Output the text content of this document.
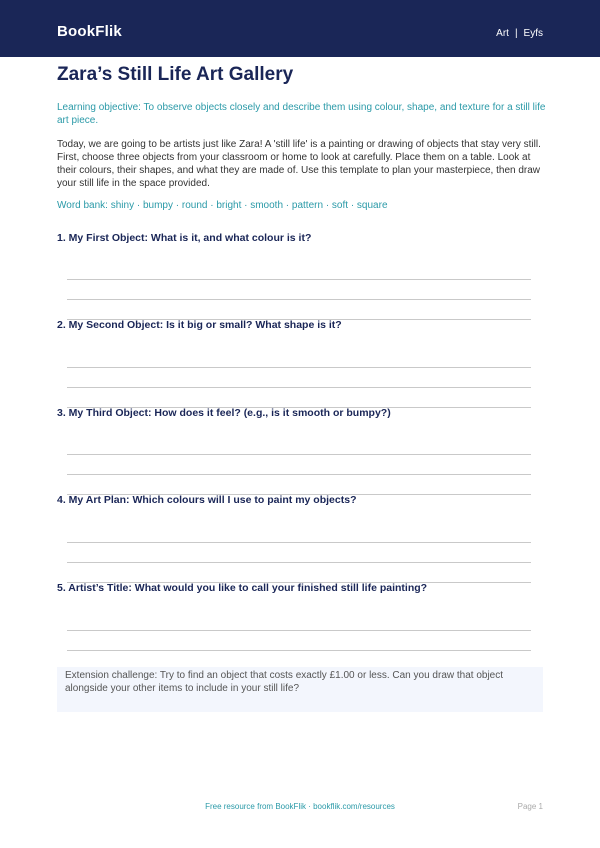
BookFlik	Art | Eyfs
Zara’s Still Life Art Gallery

Learning objective: To observe objects closely and describe them using colour, shape, and texture for a still life art piece.

Today, we are going to be artists just like Zara! A 'still life' is a painting or drawing of objects that stay very still. First, choose three objects from your classroom or home to look at carefully. Place them on a table. Look at their colours, their shapes, and what they are made of. Use this template to plan your masterpiece, then draw your still life in the space provided.

Word bank: shiny · bumpy · round · bright · smooth · pattern · soft · square

1. My First Object: What is it, and what colour is it?

2. My Second Object: Is it big or small? What shape is it?

3. My Third Object: How does it feel? (e.g., is it smooth or bumpy?)

4. My Art Plan: Which colours will I use to paint my objects?

5. Artist’s Title: What would you like to call your finished still life painting?

Extension challenge: Try to find an object that costs exactly £1.00 or less. Can you draw that object alongside your other items to include in your still life?
Free resource from BookFlik · bookflik.com/resources	Page 1
